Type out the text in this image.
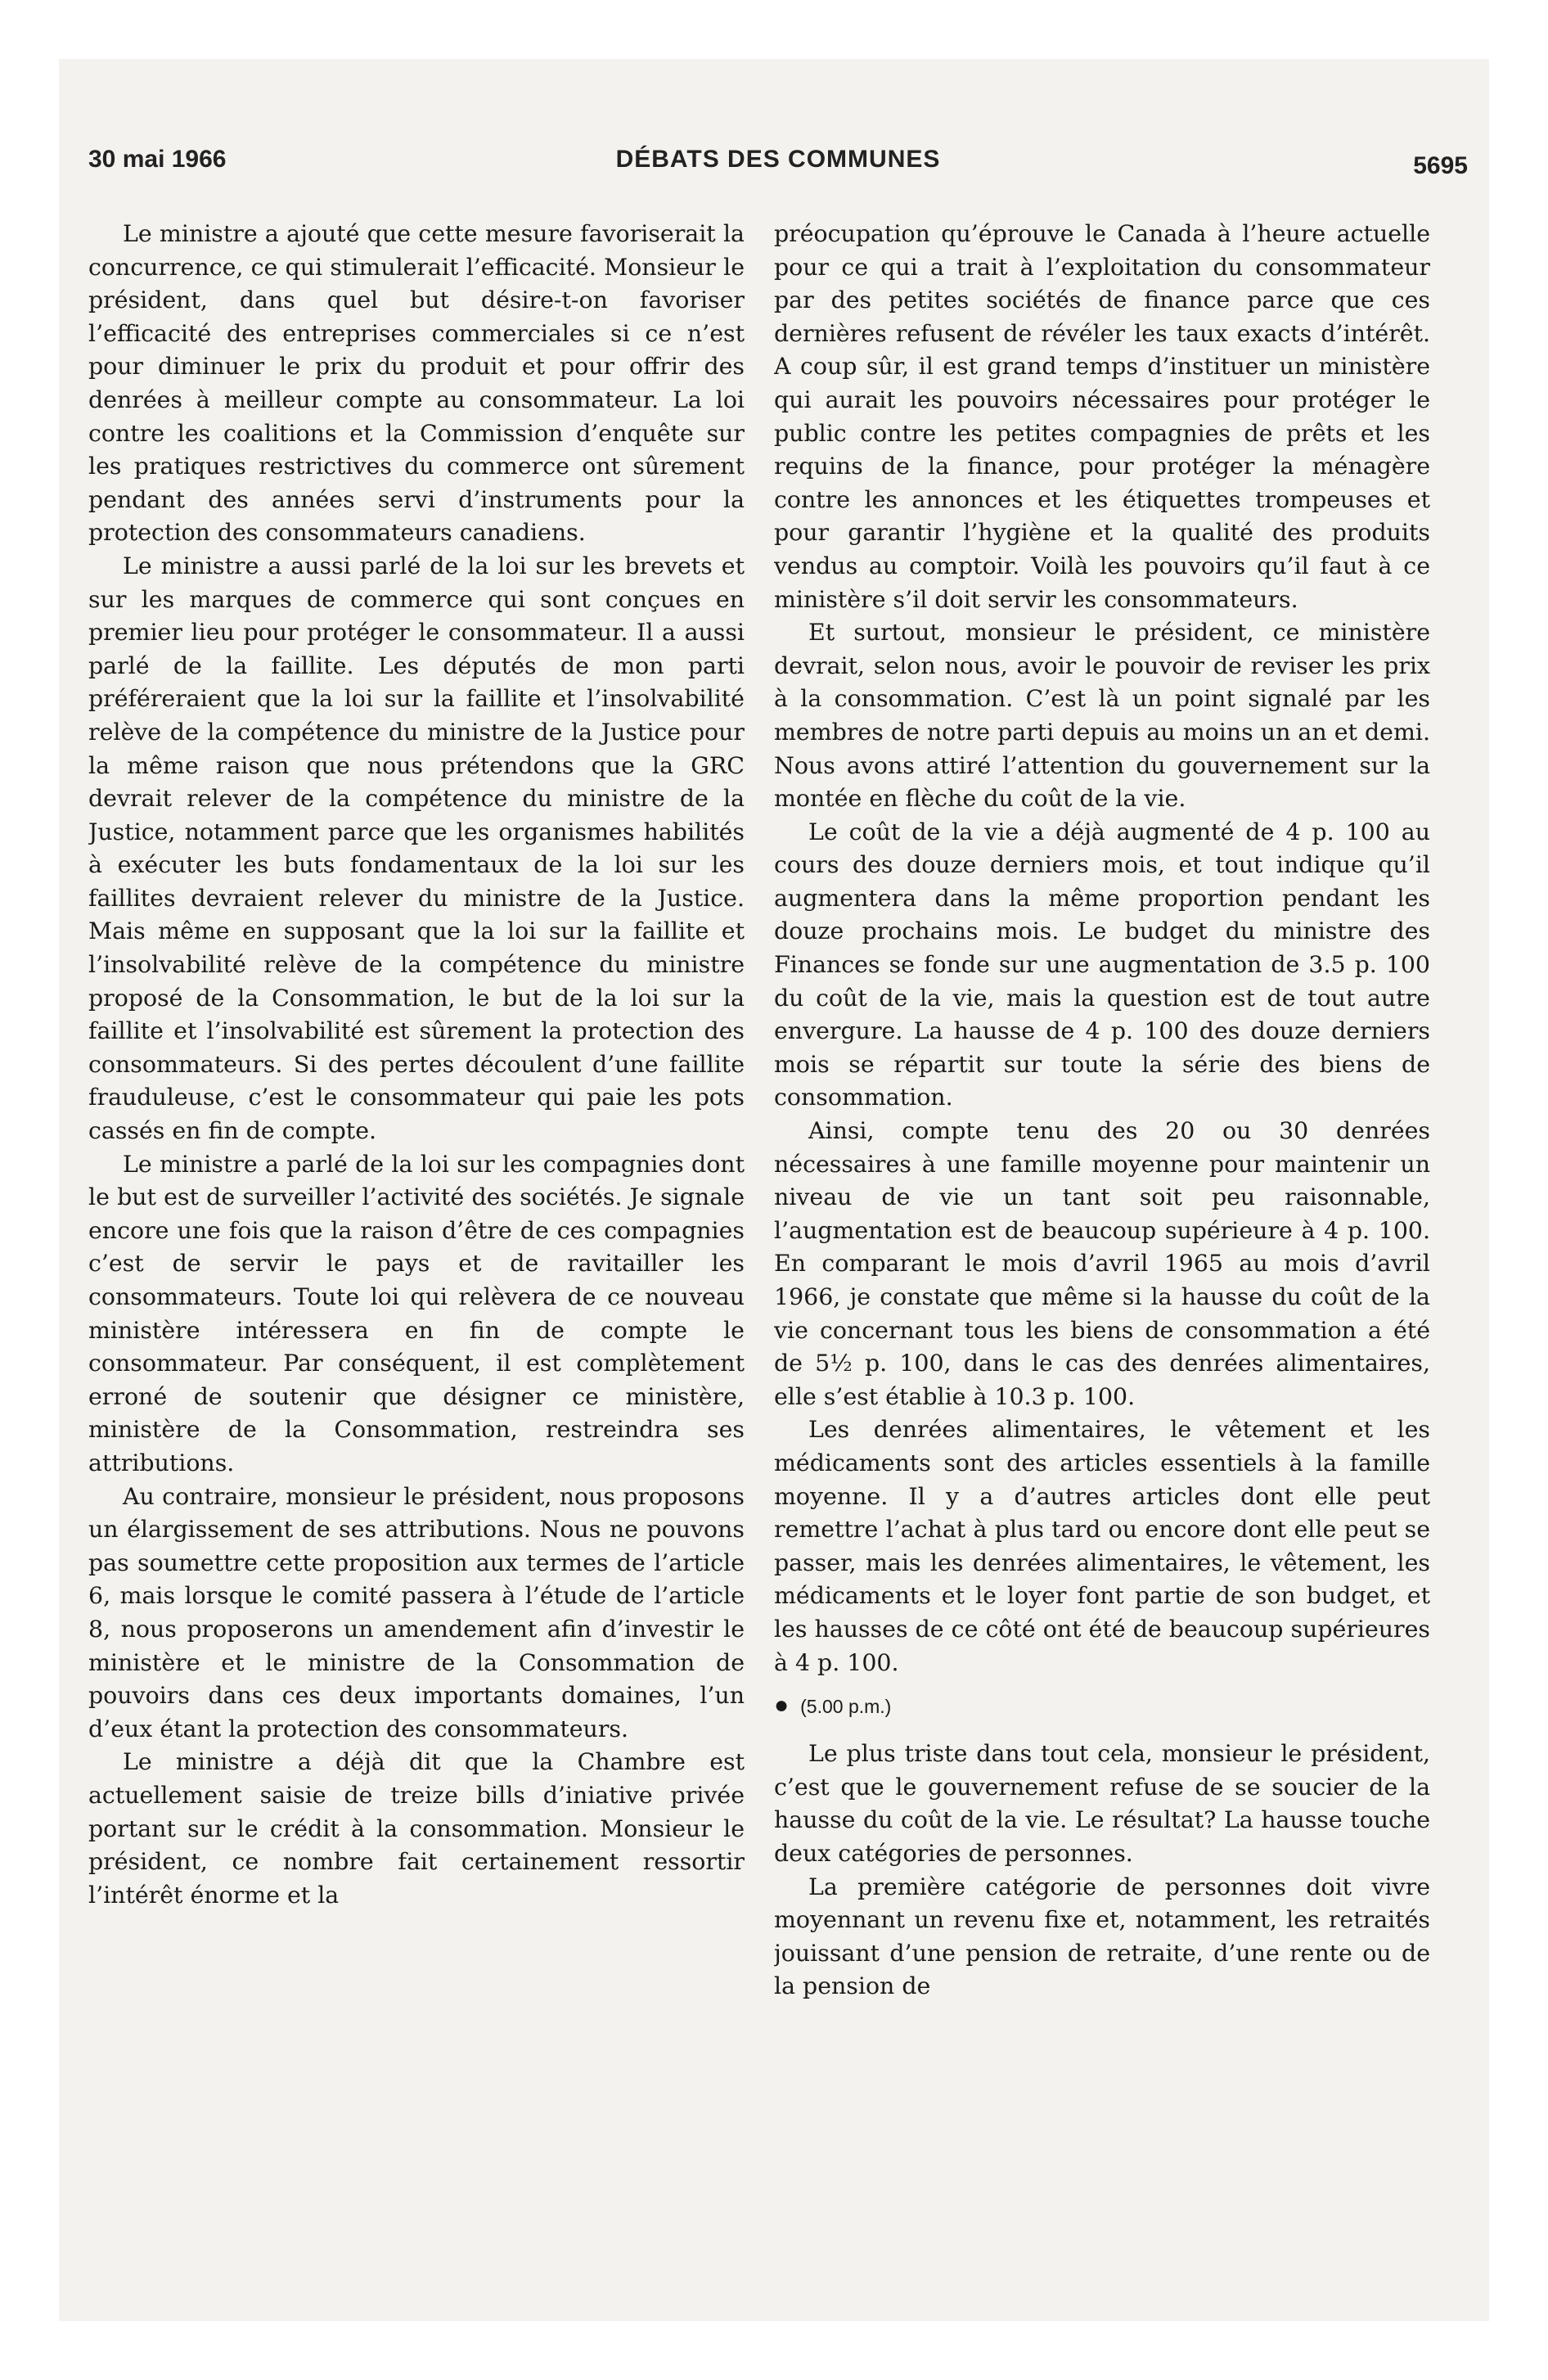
30 mai 1966	DÉBATS DES COMMUNES	5695

Le ministre a ajouté que cette mesure favoriserait la concurrence, ce qui stimulerait l’efficacité. Monsieur le président, dans quel but désire-t-on favoriser l’efficacité des entreprises commerciales si ce n’est pour diminuer le prix du produit et pour offrir des denrées à meilleur compte au consommateur. La loi contre les coalitions et la Commission d’enquête sur les pratiques restrictives du commerce ont sûrement pendant des années servi d’instruments pour la protection des consommateurs canadiens.

Le ministre a aussi parlé de la loi sur les brevets et sur les marques de commerce qui sont conçues en premier lieu pour protéger le consommateur. Il a aussi parlé de la faillite. Les députés de mon parti préféreraient que la loi sur la faillite et l’insolvabilité relève de la compétence du ministre de la Justice pour la même raison que nous prétendons que la GRC devrait relever de la compétence du ministre de la Justice, notamment parce que les organismes habilités à exécuter les buts fondamentaux de la loi sur les faillites devraient relever du ministre de la Justice. Mais même en supposant que la loi sur la faillite et l’insolvabilité relève de la compétence du ministre proposé de la Consommation, le but de la loi sur la faillite et l’insolvabilité est sûrement la protection des consommateurs. Si des pertes découlent d’une faillite frauduleuse, c’est le consommateur qui paie les pots cassés en fin de compte.

Le ministre a parlé de la loi sur les compagnies dont le but est de surveiller l’activité des sociétés. Je signale encore une fois que la raison d’être de ces compagnies c’est de servir le pays et de ravitailler les consommateurs. Toute loi qui relèvera de ce nouveau ministère intéressera en fin de compte le consommateur. Par conséquent, il est complètement erroné de soutenir que désigner ce ministère, ministère de la Consommation, restreindra ses attributions.

Au contraire, monsieur le président, nous proposons un élargissement de ses attributions. Nous ne pouvons pas soumettre cette proposition aux termes de l’article 6, mais lorsque le comité passera à l’étude de l’article 8, nous proposerons un amendement afin d’investir le ministère et le ministre de la Consommation de pouvoirs dans ces deux importants domaines, l’un d’eux étant la protection des consommateurs.

Le ministre a déjà dit que la Chambre est actuellement saisie de treize bills d’iniative privée portant sur le crédit à la consommation. Monsieur le président, ce nombre fait certainement ressortir l’intérêt énorme et la

préocupation qu’éprouve le Canada à l’heure actuelle pour ce qui a trait à l’exploitation du consommateur par des petites sociétés de finance parce que ces dernières refusent de révéler les taux exacts d’intérêt. A coup sûr, il est grand temps d’instituer un ministère qui aurait les pouvoirs nécessaires pour protéger le public contre les petites compagnies de prêts et les requins de la finance, pour protéger la ménagère contre les annonces et les étiquettes trompeuses et pour garantir l’hygiène et la qualité des produits vendus au comptoir. Voilà les pouvoirs qu’il faut à ce ministère s’il doit servir les consommateurs.

Et surtout, monsieur le président, ce ministère devrait, selon nous, avoir le pouvoir de reviser les prix à la consommation. C’est là un point signalé par les membres de notre parti depuis au moins un an et demi. Nous avons attiré l’attention du gouvernement sur la montée en flèche du coût de la vie.

Le coût de la vie a déjà augmenté de 4 p. 100 au cours des douze derniers mois, et tout indique qu’il augmentera dans la même proportion pendant les douze prochains mois. Le budget du ministre des Finances se fonde sur une augmentation de 3.5 p. 100 du coût de la vie, mais la question est de tout autre envergure. La hausse de 4 p. 100 des douze derniers mois se répartit sur toute la série des biens de consommation.

Ainsi, compte tenu des 20 ou 30 denrées nécessaires à une famille moyenne pour maintenir un niveau de vie un tant soit peu raisonnable, l’augmentation est de beaucoup supérieure à 4 p. 100. En comparant le mois d’avril 1965 au mois d’avril 1966, je constate que même si la hausse du coût de la vie concernant tous les biens de consommation a été de 5½ p. 100, dans le cas des denrées alimentaires, elle s’est établie à 10.3 p. 100.

Les denrées alimentaires, le vêtement et les médicaments sont des articles essentiels à la famille moyenne. Il y a d’autres articles dont elle peut remettre l’achat à plus tard ou encore dont elle peut se passer, mais les denrées alimentaires, le vêtement, les médicaments et le loyer font partie de son budget, et les hausses de ce côté ont été de beaucoup supérieures à 4 p. 100.

● (5.00 p.m.)

Le plus triste dans tout cela, monsieur le président, c’est que le gouvernement refuse de se soucier de la hausse du coût de la vie. Le résultat? La hausse touche deux catégories de personnes.

La première catégorie de personnes doit vivre moyennant un revenu fixe et, notamment, les retraités jouissant d’une pension de retraite, d’une rente ou de la pension de
